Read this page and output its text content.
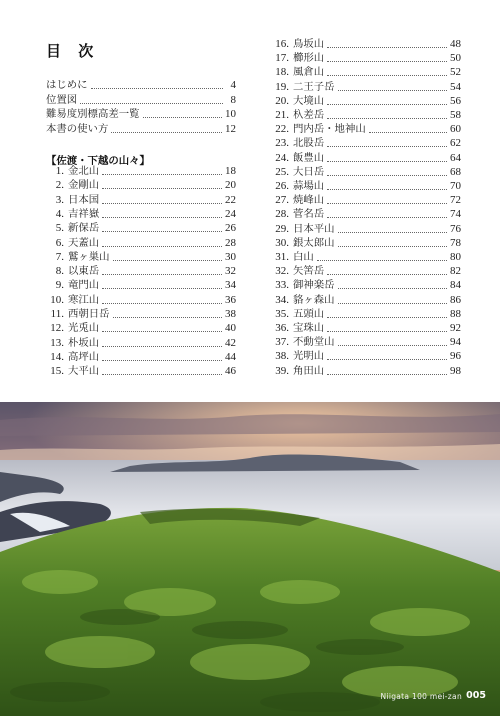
目 次
はじめに	4
位置図	8
難易度別標高差一覧	10
本書の使い方	12
【佐渡・下越の山々】
1. 金北山	18
2. 金剛山	20
3. 日本国	22
4. 吉祥嶽	24
5. 新保岳	26
6. 天蓋山	28
7. 鷲ヶ巣山	30
8. 以東岳	32
9. 竜門山	34
10. 寒江山	36
11. 西朝日岳	38
12. 光兎山	40
13. 朴坂山	42
14. 高坪山	44
15. 大平山	46
16. 鳥坂山	48
17. 櫛形山	50
18. 風倉山	52
19. 二王子岳	54
20. 大境山	56
21. 杁差岳	58
22. 門内岳・地神山	60
23. 北股岳	62
24. 飯豊山	64
25. 大日岳	68
26. 蒜場山	70
27. 焼峰山	72
28. 菅名岳	74
29. 日本平山	76
30. 銀太郎山	78
31. 白山	80
32. 矢筈岳	82
33. 御神楽岳	84
34. 貉ヶ森山	86
35. 五頭山	88
36. 宝珠山	92
37. 不動堂山	94
38. 光明山	96
39. 角田山	98
Niigata 100 mei-zan 005
